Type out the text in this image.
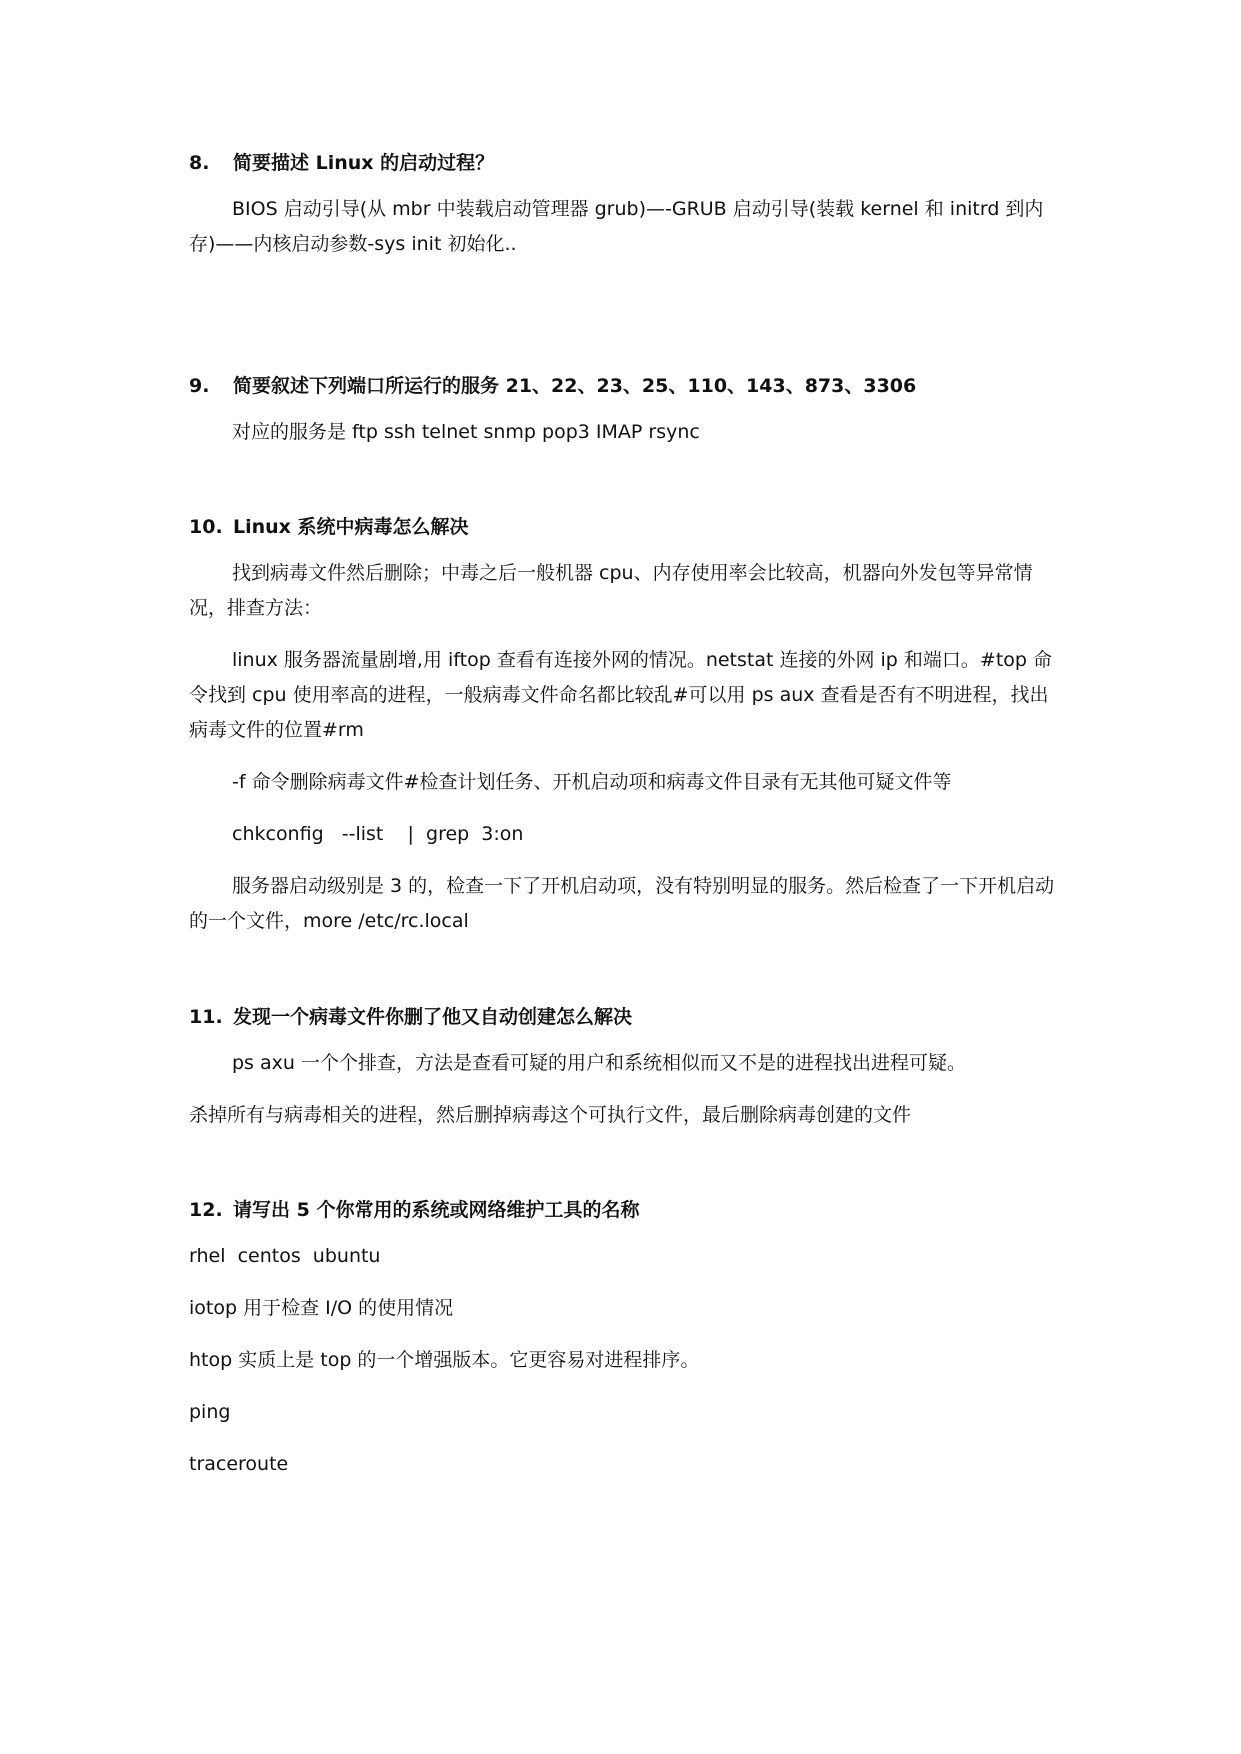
8.	简要描述 Linux 的启动过程？

BIOS 启动引导(从 mbr 中装载启动管理器 grub)—-GRUB 启动引导(装载 kernel 和 initrd 到内存)——内核启动参数-sys init 初始化..

9.	简要叙述下列端口所运行的服务 21、22、23、25、110、143、873、3306

对应的服务是 ftp ssh telnet snmp pop3 IMAP rsync

10. Linux 系统中病毒怎么解决

找到病毒文件然后删除；中毒之后一般机器 cpu、内存使用率会比较高，机器向外发包等异常情况，排查方法：

linux 服务器流量剧增,用 iftop 查看有连接外网的情况。netstat 连接的外网 ip 和端口。#top 命令找到 cpu 使用率高的进程，一般病毒文件命名都比较乱#可以用 ps aux 查看是否有不明进程，找出病毒文件的位置#rm

-f 命令删除病毒文件#检查计划任务、开机启动项和病毒文件目录有无其他可疑文件等

chkconfig   --list    |  grep  3:on

服务器启动级别是 3 的，检查一下了开机启动项，没有特别明显的服务。然后检查了一下开机启动的一个文件，more /etc/rc.local

11. 发现一个病毒文件你删了他又自动创建怎么解决

ps axu 一个个排查，方法是查看可疑的用户和系统相似而又不是的进程找出进程可疑。

杀掉所有与病毒相关的进程，然后删掉病毒这个可执行文件，最后删除病毒创建的文件

12. 请写出 5 个你常用的系统或网络维护工具的名称

rhel  centos  ubuntu

iotop 用于检查 I/O 的使用情况

htop 实质上是 top 的一个增强版本。它更容易对进程排序。

ping

traceroute
